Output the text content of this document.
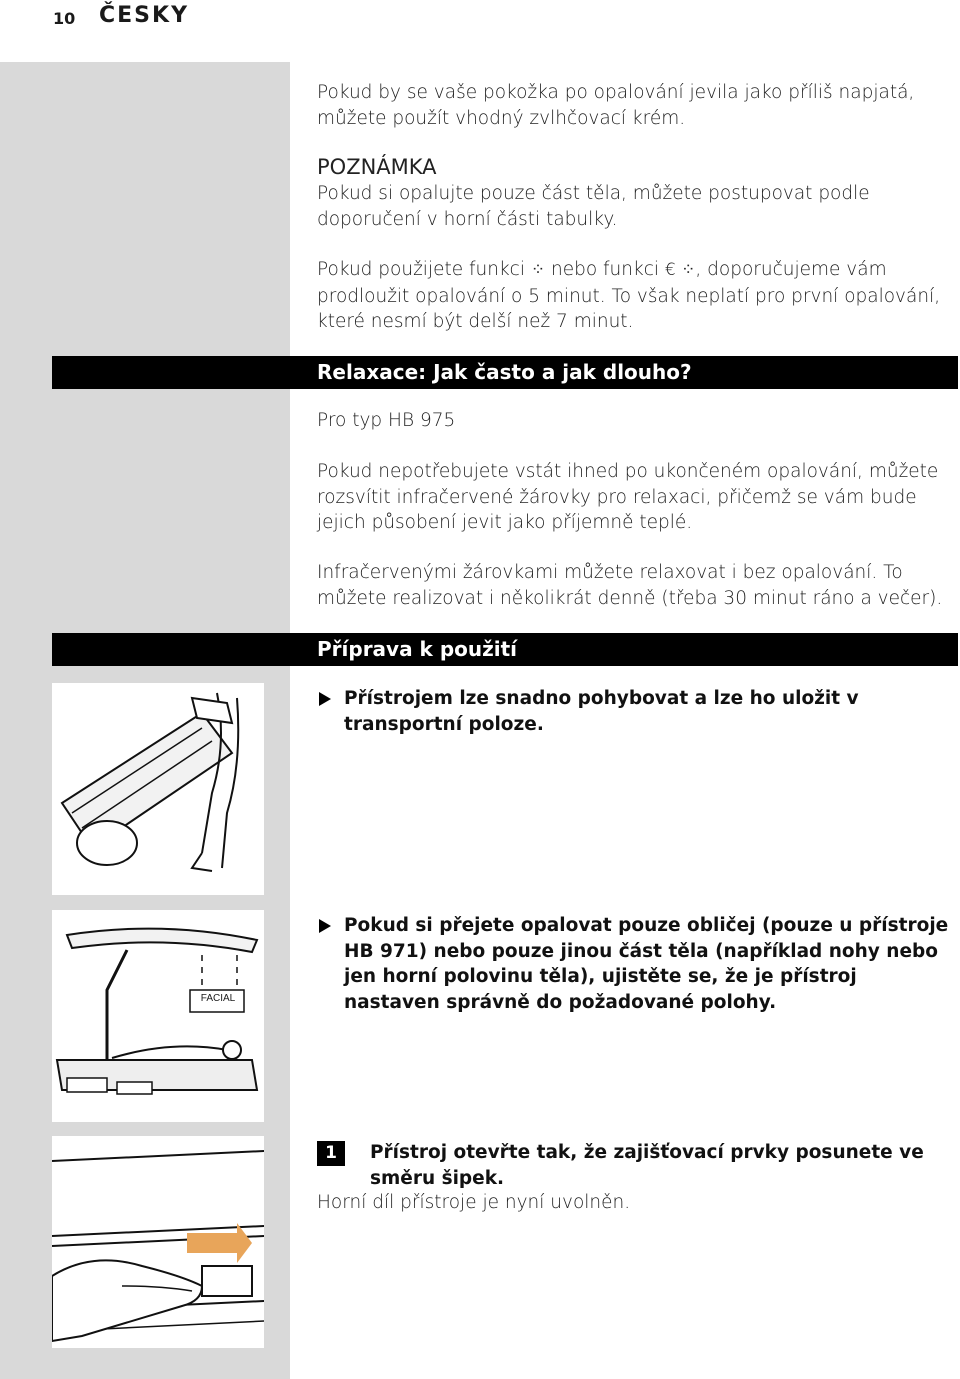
10 ČESKY
Pokud by se vaše pokožka po opalování jevila jako příliš napjatá, můžete použít vhodný zvlhčovací krém.
POZNÁMKA
Pokud si opalujte pouze část těla, můžete postupovat podle doporučení v horní části tabulky.
Pokud použijete funkci ⁘ nebo funkci € ⁘, doporučujeme vám prodloužit opalování o 5 minut. To však neplatí pro první opalování, které nesmí být delší než 7 minut.
Relaxace: Jak často a jak dlouho?
Pro typ HB 975
Pokud nepotřebujete vstát ihned po ukončeném opalování, můžete rozsvítit infračervené žárovky pro relaxaci, přičemž se vám bude jejich působení jevit jako příjemně teplé.
Infračervenými žárovkami můžete relaxovat i bez opalování. To můžete realizovat i několikrát denně (třeba 30 minut ráno a večer).
Příprava k použití
Přístrojem lze snadno pohybovat a lze ho uložit v transportní poloze.
FACIAL
Pokud si přejete opalovat pouze obličej (pouze u přístroje HB 971) nebo pouze jinou část těla (například nohy nebo jen horní polovinu těla), ujistěte se, že je přístroj nastaven správně do požadované polohy.
1	Přístroj otevřte tak, že zajišťovací prvky posunete ve směru šipek.
Horní díl přístroje je nyní uvolněn.
